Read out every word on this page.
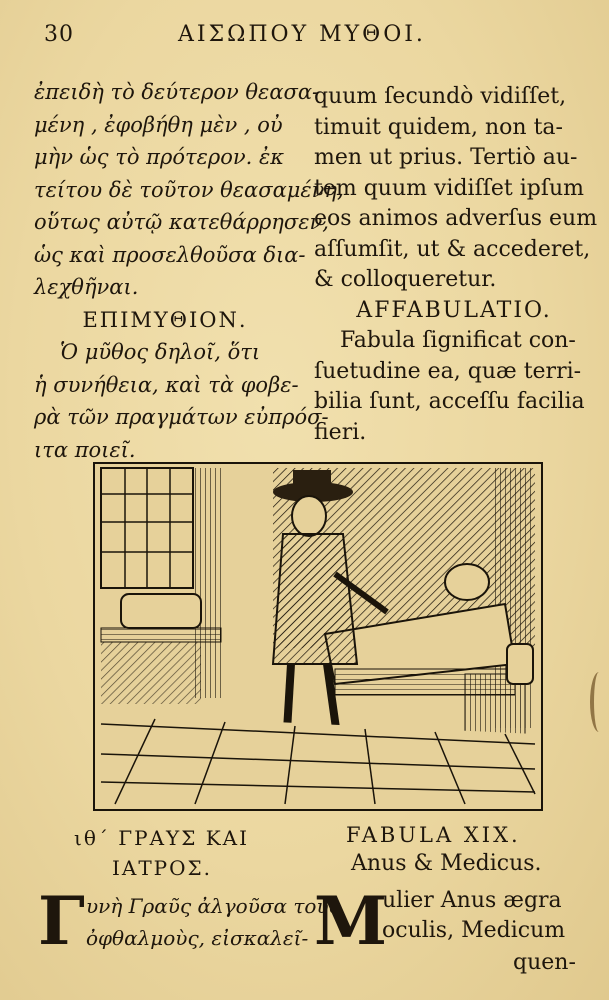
30	ΑΙΣΩΠΟΥ ΜΥΘΟΙ.
ἐπειδὴ τὸ δεύτερον θεασα-
μένη , ἐφοβήθη μὲν , οὐ
μὴν ὡς τὸ πρότερον. ἐκ
τείτου δὲ τοῦτον θεασαμένη,
οὕτως αὐτῷ κατεθάρρησεν,
ὡς καὶ προσελθοῦσα δια-
λεχθῆναι.
ΕΠΙΜΥΘΙΟΝ.
Ὁ μῦθος δηλοῖ, ὅτι
ἡ συνήθεια, καὶ τὰ φοβε-
ρὰ τῶν πραγμάτων εὐπρόσ-
ιτα ποιεῖ.
quum ſecundò vidiſſet,
timuit quidem, non ta-
men ut prius. Tertiò au-
tem quum vidiſſet ipſum
eos animos adverſus eum
aſſumſit, ut & accederet,
& colloqueretur.
AFFABULATIO.
Fabula ſignificat con-
ſuetudine ea, quæ terri-
bilia ſunt, acceſſu facilia
fieri.
ιθ΄ ΓΡΑΥΣ ΚΑΙ
ΙΑΤΡΟΣ.
FABULA XIX.
Anus & Medicus.
Γ υνὴ Γραῦς ἀλγοῦσα τοὺς
ὀφθαλμοὺς, εἰσκαλεῖ- M
ulier Anus ægra
oculis, Medicum
quen-
